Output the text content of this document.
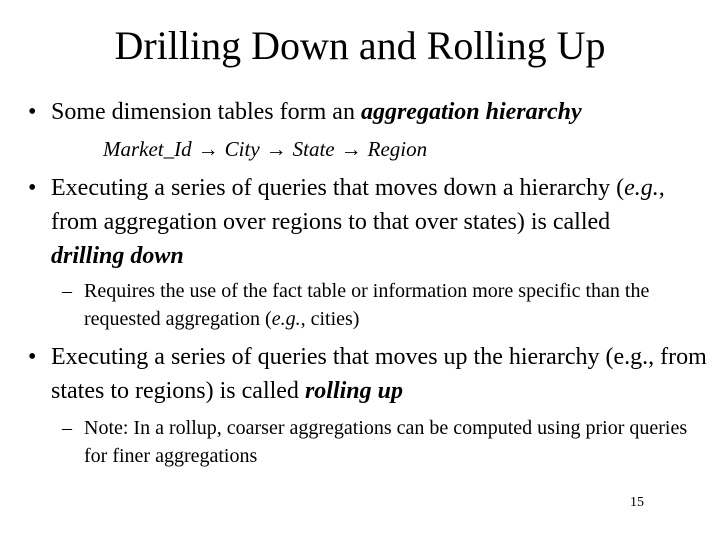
Drilling Down and Rolling Up
• Some dimension tables form an aggregation hierarchy
Market_Id → City → State → Region
• Executing a series of queries that moves down a hierarchy (e.g., from aggregation over regions to that over states) is called drilling down
– Requires the use of the fact table or information more specific than the requested aggregation (e.g., cities)
• Executing a series of queries that moves up the hierarchy (e.g., from states to regions) is called rolling up
– Note: In a rollup, coarser aggregations can be computed using prior queries for finer aggregations
15
